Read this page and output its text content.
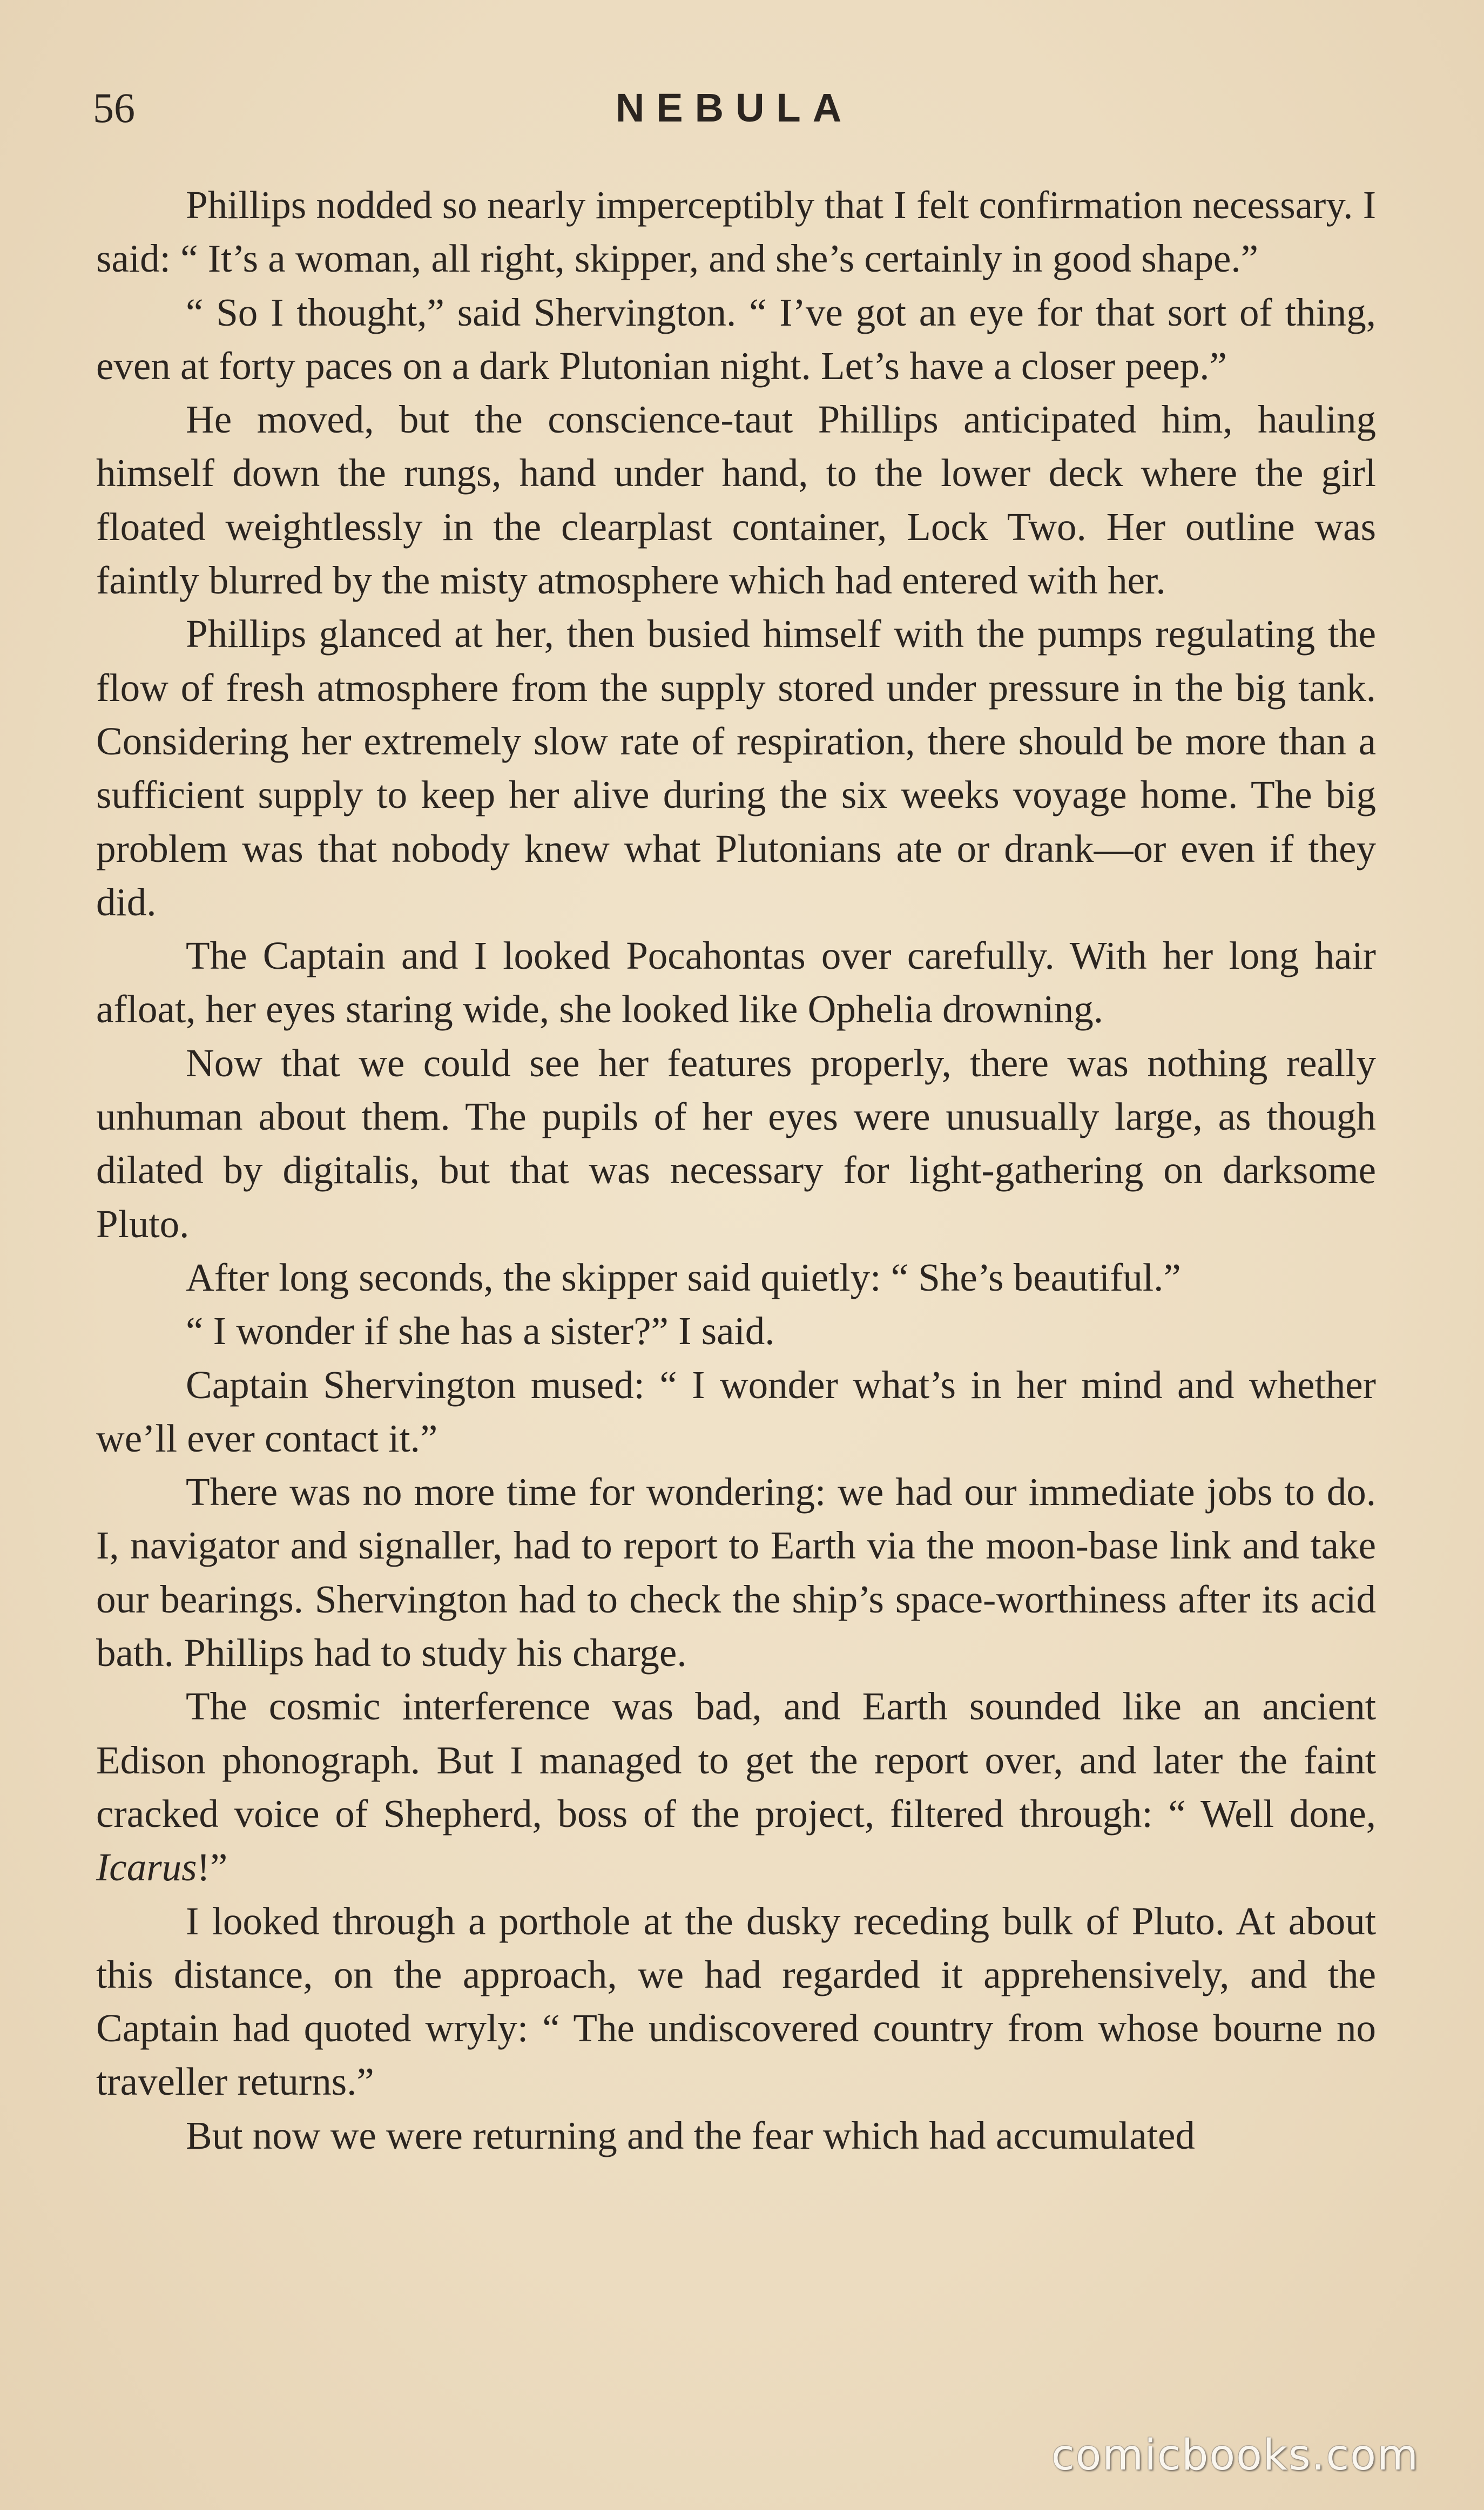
56	NEBULA

Phillips nodded so nearly imperceptibly that I felt confirmation necessary. I said: “ It’s a woman, all right, skipper, and she’s certainly in good shape.”

“ So I thought,” said Shervington. “ I’ve got an eye for that sort of thing, even at forty paces on a dark Plutonian night. Let’s have a closer peep.”

He moved, but the conscience-taut Phillips anticipated him, hauling himself down the rungs, hand under hand, to the lower deck where the girl floated weightlessly in the clearplast container, Lock Two. Her outline was faintly blurred by the misty atmosphere which had entered with her.

Phillips glanced at her, then busied himself with the pumps regulating the flow of fresh atmosphere from the supply stored under pressure in the big tank. Considering her extremely slow rate of respiration, there should be more than a sufficient supply to keep her alive during the six weeks voyage home. The big problem was that nobody knew what Plutonians ate or drank—or even if they did.

The Captain and I looked Pocahontas over carefully. With her long hair afloat, her eyes staring wide, she looked like Ophelia drowning.

Now that we could see her features properly, there was nothing really unhuman about them. The pupils of her eyes were unusually large, as though dilated by digitalis, but that was necessary for light-gathering on darksome Pluto.

After long seconds, the skipper said quietly: “ She’s beautiful.”

“ I wonder if she has a sister?” I said.

Captain Shervington mused: “ I wonder what’s in her mind and whether we’ll ever contact it.”

There was no more time for wondering: we had our immediate jobs to do. I, navigator and signaller, had to report to Earth via the moon-base link and take our bearings. Shervington had to check the ship’s space-worthiness after its acid bath. Phillips had to study his charge.

The cosmic interference was bad, and Earth sounded like an ancient Edison phonograph. But I managed to get the report over, and later the faint cracked voice of Shepherd, boss of the project, filtered through: “ Well done, Icarus!”

I looked through a porthole at the dusky receding bulk of Pluto. At about this distance, on the approach, we had regarded it apprehensively, and the Captain had quoted wryly: “ The undiscovered country from whose bourne no traveller returns.”

But now we were returning and the fear which had accumulated

comicbooks.com
